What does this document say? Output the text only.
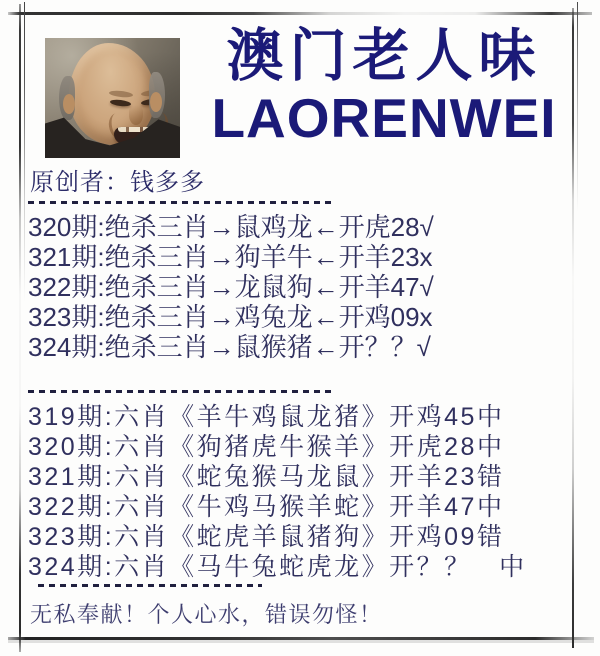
澳门老人味
LAORENWEI
原创者：钱多多
320期:绝杀三肖→鼠鸡龙←开虎28√
321期:绝杀三肖→狗羊牛←开羊23x
322期:绝杀三肖→龙鼠狗←开羊47√
323期:绝杀三肖→鸡兔龙←开鸡09x
324期:绝杀三肖→鼠猴猪←开？？√
319期:六肖《羊牛鸡鼠龙猪》开鸡45中
320期:六肖《狗猪虎牛猴羊》开虎28中
321期:六肖《蛇兔猴马龙鼠》开羊23错
322期:六肖《牛鸡马猴羊蛇》开羊47中
323期:六肖《蛇虎羊鼠猪狗》开鸡09错
324期:六肖《马牛兔蛇虎龙》开？？　中
无私奉献！个人心水，错误勿怪！
